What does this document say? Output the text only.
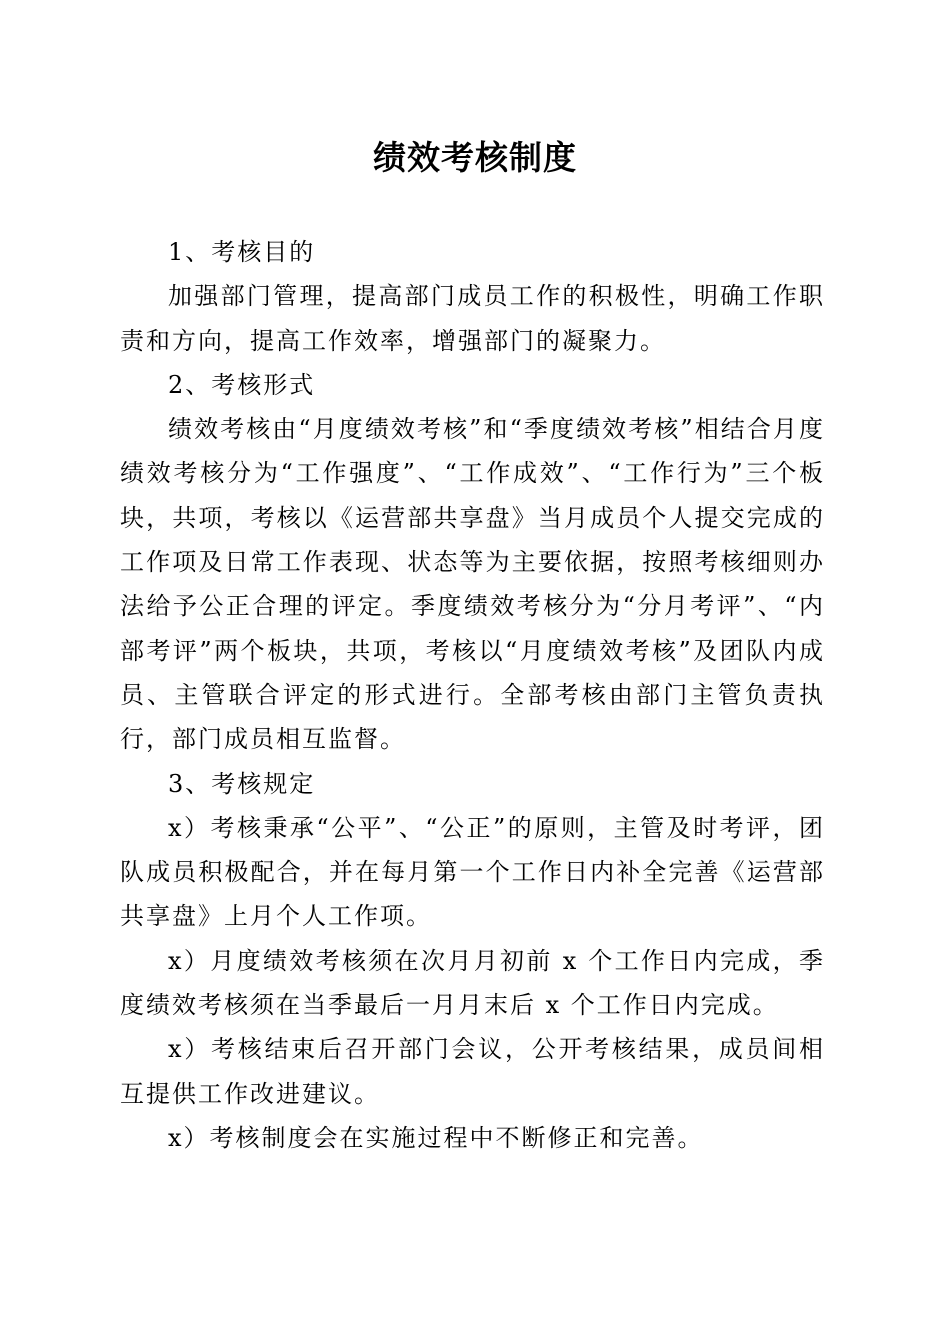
绩效考核制度

1、考核目的

加强部门管理，提高部门成员工作的积极性，明确工作职责和方向，提高工作效率，增强部门的凝聚力。

2、考核形式

绩效考核由“月度绩效考核”和“季度绩效考核”相结合月度绩效考核分为“工作强度”、“工作成效”、“工作行为”三个板块，共项，考核以《运营部共享盘》当月成员个人提交完成的工作项及日常工作表现、状态等为主要依据，按照考核细则办法给予公正合理的评定。季度绩效考核分为“分月考评”、“内部考评”两个板块，共项，考核以“月度绩效考核”及团队内成员、主管联合评定的形式进行。全部考核由部门主管负责执行，部门成员相互监督。

3、考核规定

x）考核秉承“公平”、“公正”的原则，主管及时考评，团队成员积极配合，并在每月第一个工作日内补全完善《运营部共享盘》上月个人工作项。

x）月度绩效考核须在次月月初前 x 个工作日内完成，季度绩效考核须在当季最后一月月末后 x 个工作日内完成。

x）考核结束后召开部门会议，公开考核结果，成员间相互提供工作改进建议。

x）考核制度会在实施过程中不断修正和完善。
